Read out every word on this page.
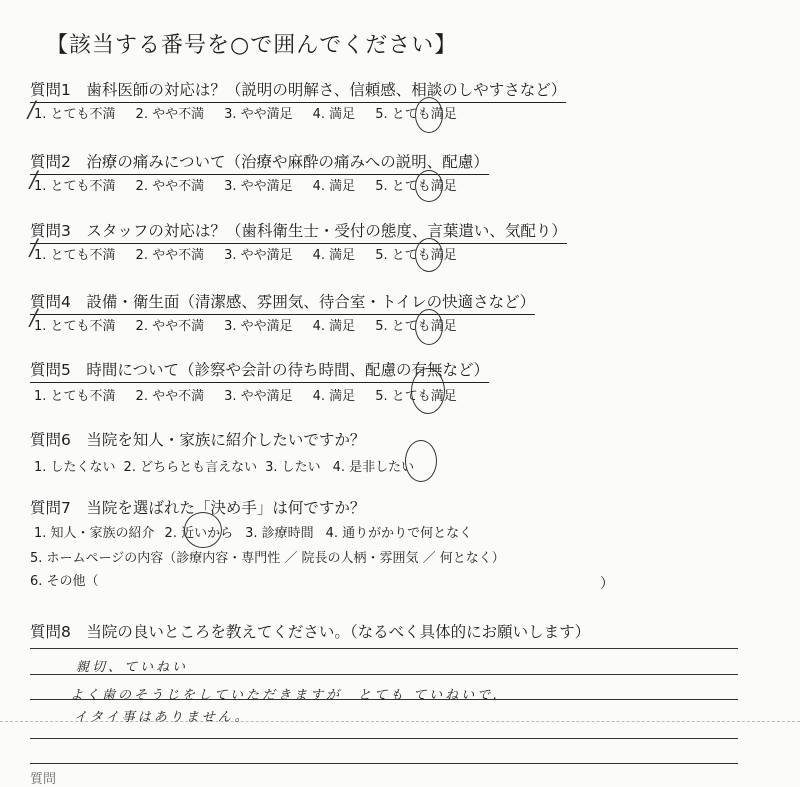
【該当する番号を○で囲んでください】
質問1　歯科医師の対応は？（説明の明解さ、信頼感、相談のしやすさなど）
1. とても不満 2. やや不満 3. やや満足 4. 満足 5. とても満足
/
質問2　治療の痛みについて（治療や麻酔の痛みへの説明、配慮）
1. とても不満 2. やや不満 3. やや満足 4. 満足 5. とても満足
/
質問3　スタッフの対応は？（歯科衛生士・受付の態度、言葉遣い、気配り）
1. とても不満 2. やや不満 3. やや満足 4. 満足 5. とても満足
/
質問4　設備・衛生面（清潔感、雰囲気、待合室・トイレの快適さなど）
1. とても不満 2. やや不満 3. やや満足 4. 満足 5. とても満足
/
質問5　時間について（診察や会計の待ち時間、配慮の有無など）
1. とても不満 2. やや不満 3. やや満足 4. 満足 5. とても満足
質問6　当院を知人・家族に紹介したいですか？
1. したくない 2. どちらとも言えない 3. したい 4. 是非したい
質問7　当院を選ばれた「決め手」は何ですか？
1. 知人・家族の紹介 2. 近いから 3. 診療時間 4. 通りがかりで何となく
5. ホームページの内容（診療内容・専門性 ／ 院長の人柄・雰囲気 ／ 何となく）
6. その他（	）
質問8　当院の良いところを教えてください。（なるべく具体的にお願いします）
親切、ていねい
よく歯のそうじをしていただきますが　とても ていねいで.
イタイ事はありません。
質問
